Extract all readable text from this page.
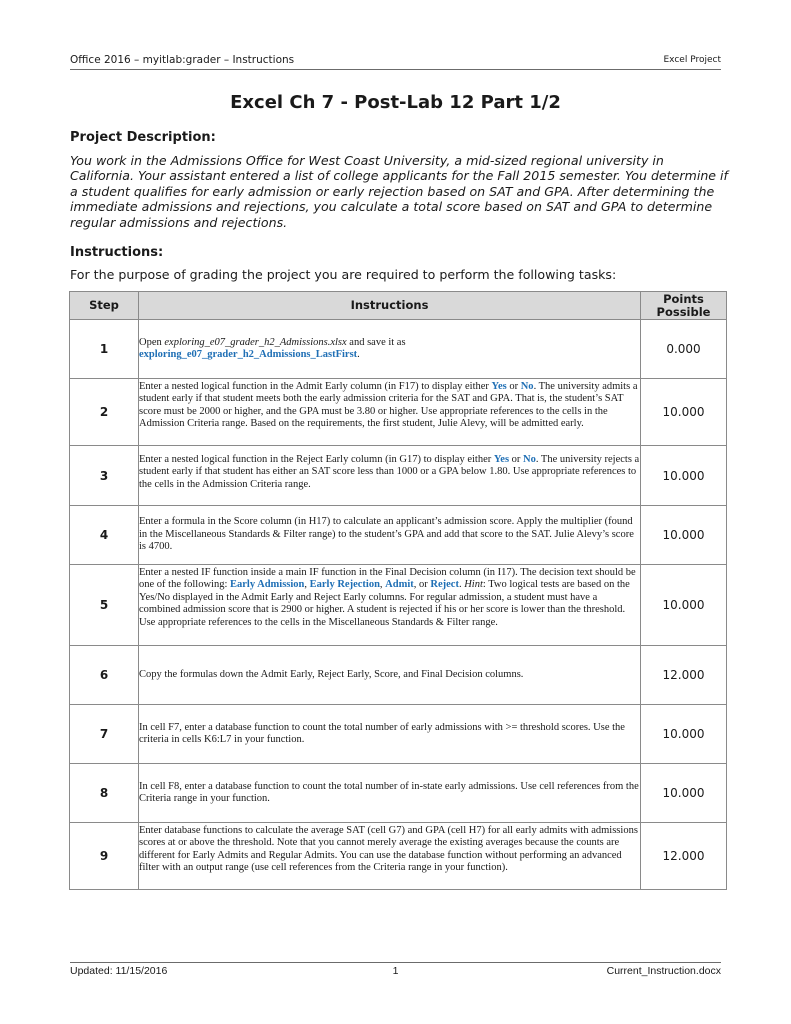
Office 2016 – myitlab:grader – Instructions	Excel Project
Excel Ch 7 - Post-Lab 12 Part 1/2
Project Description:
You work in the Admissions Office for West Coast University, a mid-sized regional university in California. Your assistant entered a list of college applicants for the Fall 2015 semester. You determine if a student qualifies for early admission or early rejection based on SAT and GPA. After determining the immediate admissions and rejections, you calculate a total score based on SAT and GPA to determine regular admissions and rejections.
Instructions:
For the purpose of grading the project you are required to perform the following tasks:
Step	Instructions	Points
Possible
1	Open exploring_e07_grader_h2_Admissions.xlsx and save it as
exploring_e07_grader_h2_Admissions_LastFirst.	0.000
2	Enter a nested logical function in the Admit Early column (in F17) to display either Yes or No. The university admits a student early if that student meets both the early admission criteria for the SAT and GPA. That is, the student’s SAT score must be 2000 or higher, and the GPA must be 3.80 or higher. Use appropriate references to the cells in the Admission Criteria range. Based on the requirements, the first student, Julie Alevy, will be admitted early.	10.000
3	Enter a nested logical function in the Reject Early column (in G17) to display either Yes or No. The university rejects a student early if that student has either an SAT score less than 1000 or a GPA below 1.80. Use appropriate references to the cells in the Admission Criteria range.	10.000
4	Enter a formula in the Score column (in H17) to calculate an applicant’s admission score. Apply the multiplier (found in the Miscellaneous Standards & Filter range) to the student’s GPA and add that score to the SAT. Julie Alevy’s score is 4700.	10.000
5	Enter a nested IF function inside a main IF function in the Final Decision column (in I17). The decision text should be one of the following: Early Admission, Early Rejection, Admit, or Reject. Hint: Two logical tests are based on the Yes/No displayed in the Admit Early and Reject Early columns. For regular admission, a student must have a combined admission score that is 2900 or higher. A student is rejected if his or her score is lower than the threshold. Use appropriate references to the cells in the Miscellaneous Standards & Filter range.	10.000
6	Copy the formulas down the Admit Early, Reject Early, Score, and Final Decision columns.	12.000
7	In cell F7, enter a database function to count the total number of early admissions with >= threshold scores. Use the criteria in cells K6:L7 in your function.	10.000
8	In cell F8, enter a database function to count the total number of in-state early admissions. Use cell references from the Criteria range in your function.	10.000
9	Enter database functions to calculate the average SAT (cell G7) and GPA (cell H7) for all early admits with admissions scores at or above the threshold. Note that you cannot merely average the existing averages because the counts are different for Early Admits and Regular Admits. You can use the database function without performing an advanced filter with an output range (use cell references from the Criteria range in your function).	12.000
Updated: 11/15/2016	1	Current_Instruction.docx
